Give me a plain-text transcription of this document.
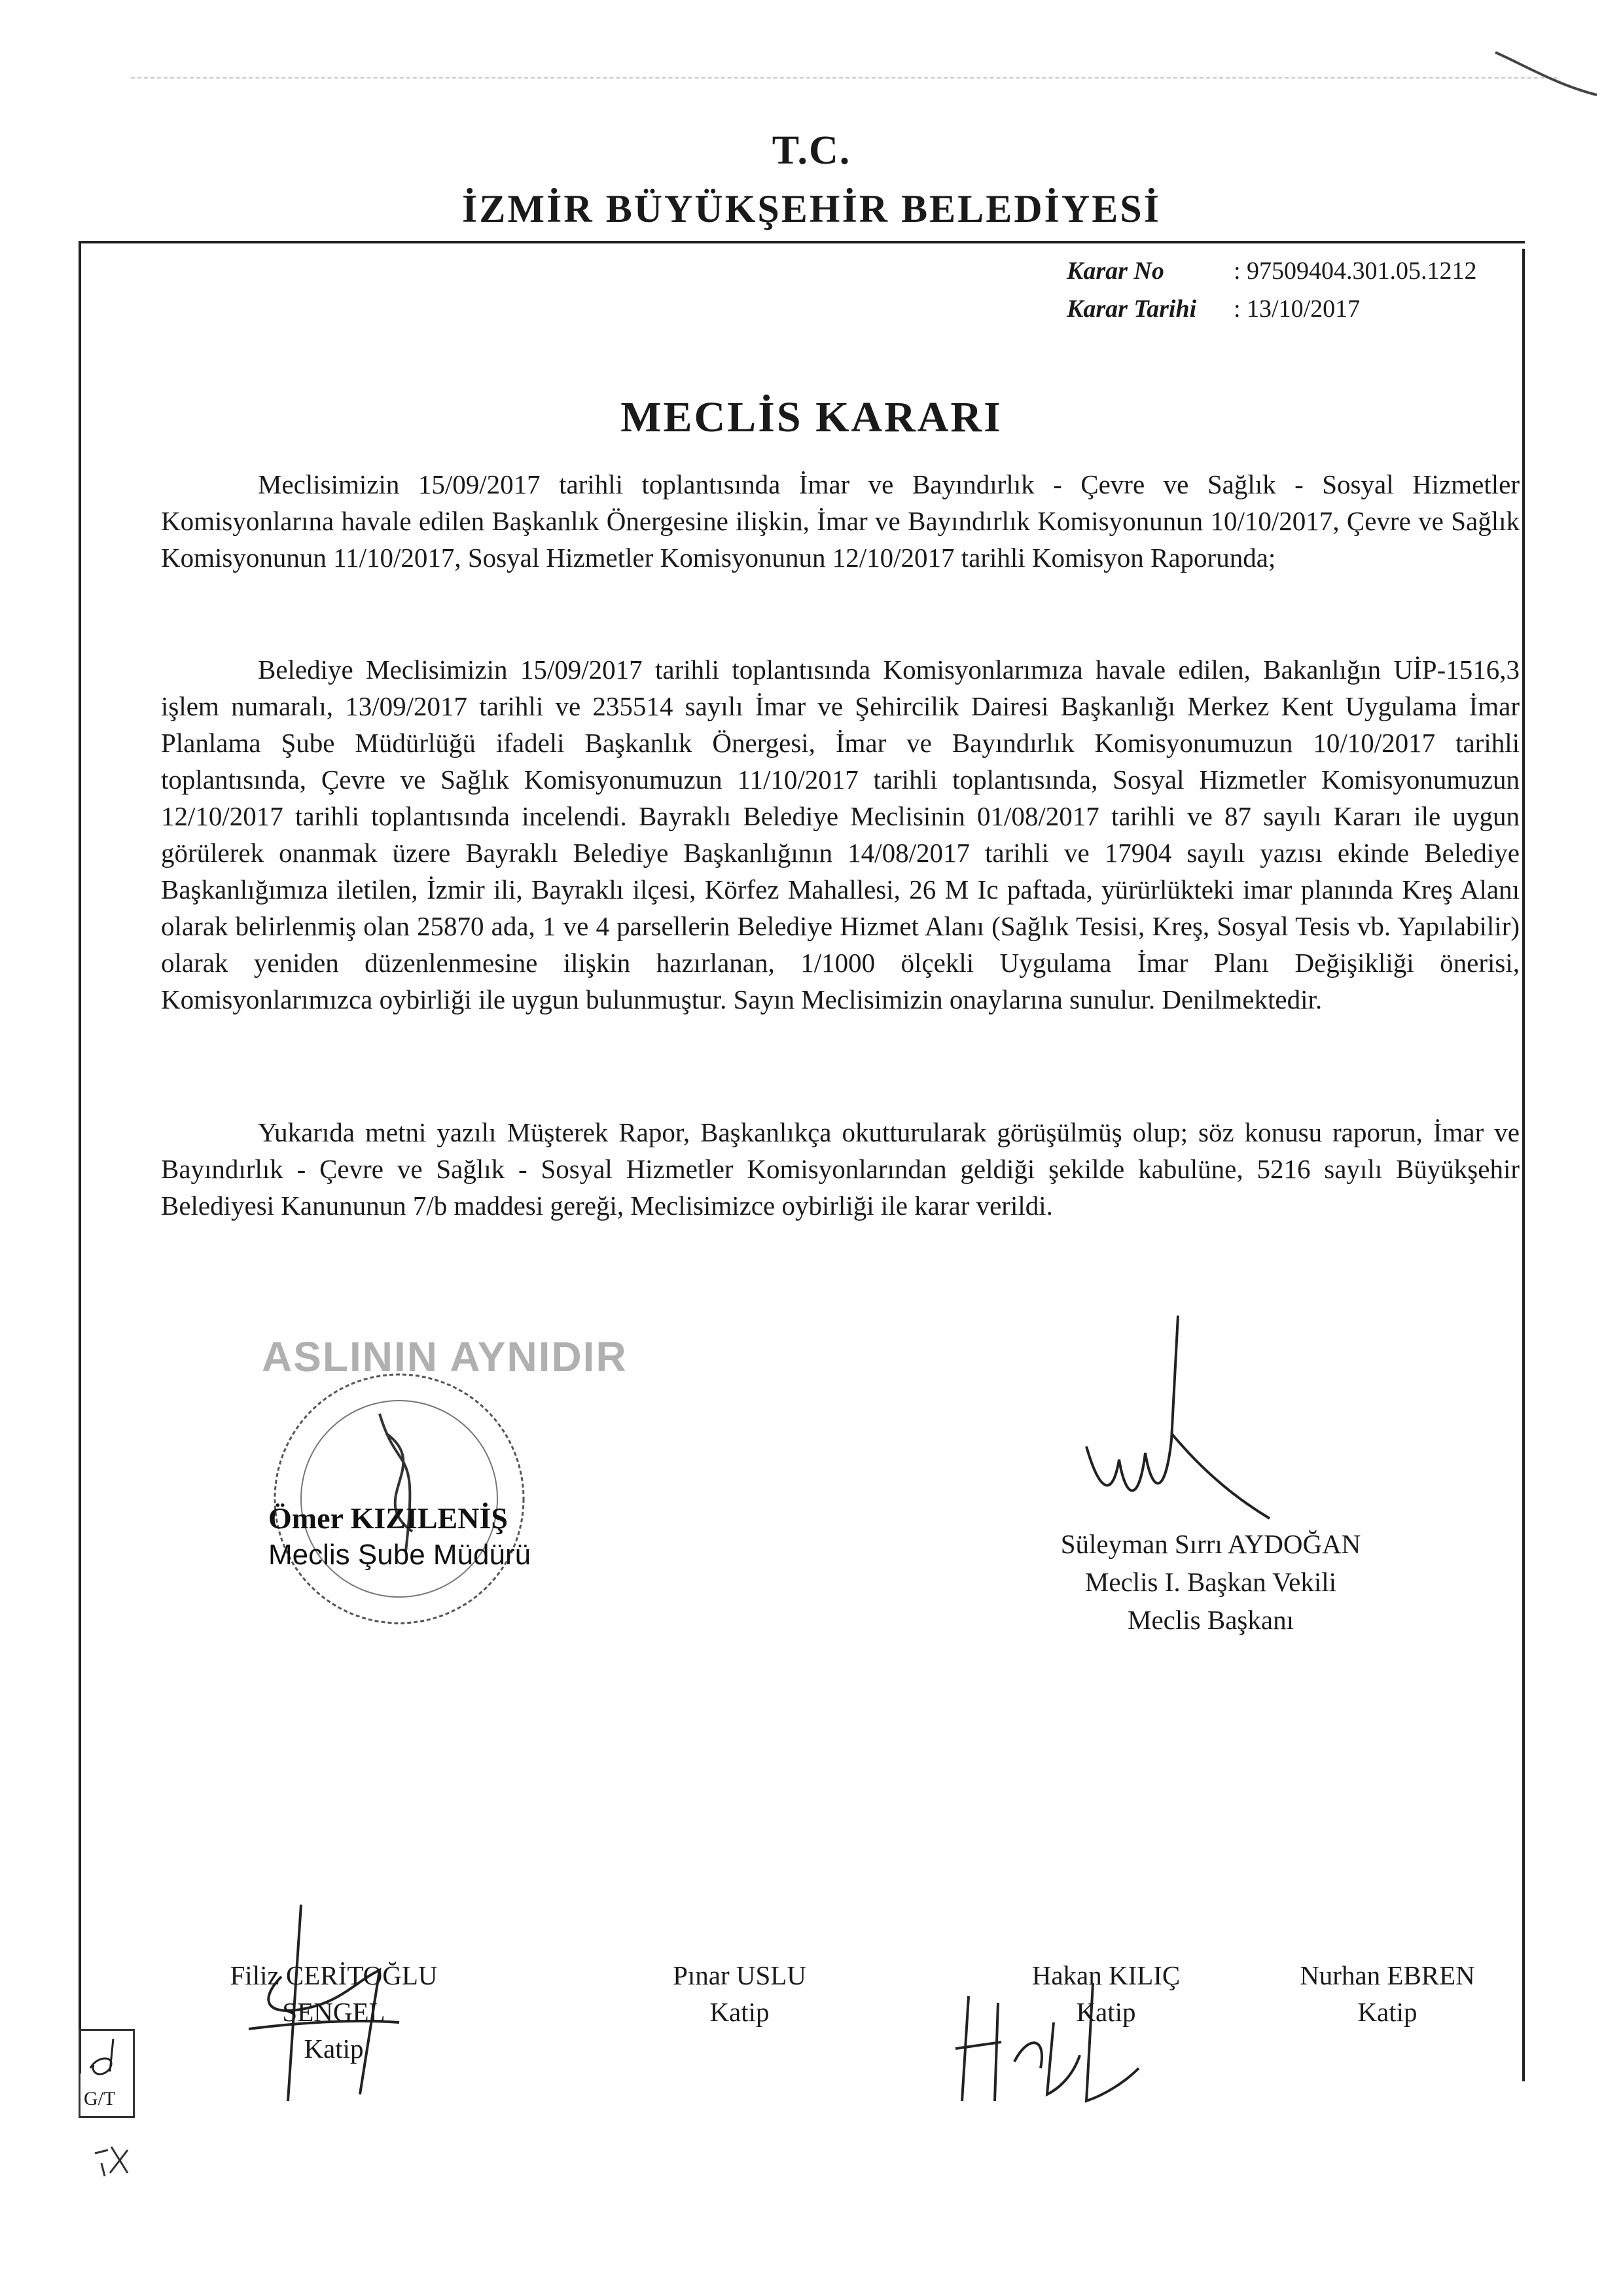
T.C.
İZMİR BÜYÜKŞEHİR BELEDİYESİ
Karar No	: 97509404.301.05.1212
Karar Tarihi : 13/10/2017
MECLİS KARARI
Meclisimizin 15/09/2017 tarihli toplantısında İmar ve Bayındırlık - Çevre ve Sağlık - Sosyal Hizmetler Komisyonlarına havale edilen Başkanlık Önergesine ilişkin, İmar ve Bayındırlık Komisyonunun 10/10/2017, Çevre ve Sağlık Komisyonunun 11/10/2017, Sosyal Hizmetler Komisyonunun 12/10/2017 tarihli Komisyon Raporunda;
Belediye Meclisimizin 15/09/2017 tarihli toplantısında Komisyonlarımıza havale edilen, Bakanlığın UİP-1516,3 işlem numaralı, 13/09/2017 tarihli ve 235514 sayılı İmar ve Şehircilik Dairesi Başkanlığı Merkez Kent Uygulama İmar Planlama Şube Müdürlüğü ifadeli Başkanlık Önergesi, İmar ve Bayındırlık Komisyonumuzun 10/10/2017 tarihli toplantısında, Çevre ve Sağlık Komisyonumuzun 11/10/2017 tarihli toplantısında, Sosyal Hizmetler Komisyonumuzun 12/10/2017 tarihli toplantısında incelendi. Bayraklı Belediye Meclisinin 01/08/2017 tarihli ve 87 sayılı Kararı ile uygun görülerek onanmak üzere Bayraklı Belediye Başkanlığının 14/08/2017 tarihli ve 17904 sayılı yazısı ekinde Belediye Başkanlığımıza iletilen, İzmir ili, Bayraklı ilçesi, Körfez Mahallesi, 26 M Ic paftada, yürürlükteki imar planında Kreş Alanı olarak belirlenmiş olan 25870 ada, 1 ve 4 parsellerin Belediye Hizmet Alanı (Sağlık Tesisi, Kreş, Sosyal Tesis vb. Yapılabilir) olarak yeniden düzenlenmesine ilişkin hazırlanan, 1/1000 ölçekli Uygulama İmar Planı Değişikliği önerisi, Komisyonlarımızca oybirliği ile uygun bulunmuştur. Sayın Meclisimizin onaylarına sunulur. Denilmektedir.
Yukarıda metni yazılı Müşterek Rapor, Başkanlıkça okutturularak görüşülmüş olup; söz konusu raporun, İmar ve Bayındırlık - Çevre ve Sağlık - Sosyal Hizmetler Komisyonlarından geldiği şekilde kabulüne, 5216 sayılı Büyükşehir Belediyesi Kanununun 7/b maddesi gereği, Meclisimizce oybirliği ile karar verildi.
ASLININ AYNIDIR
Ömer KIZILENİŞ
Meclis Şube Müdürü	Süleyman Sırrı AYDOĞAN
Meclis I. Başkan Vekili
Meclis Başkanı
Filiz CERİTOĞLU SENGEL
Katip
Pınar USLU
Katip
Hakan KILIÇ
Katip
Nurhan EBREN
Katip
G/T
